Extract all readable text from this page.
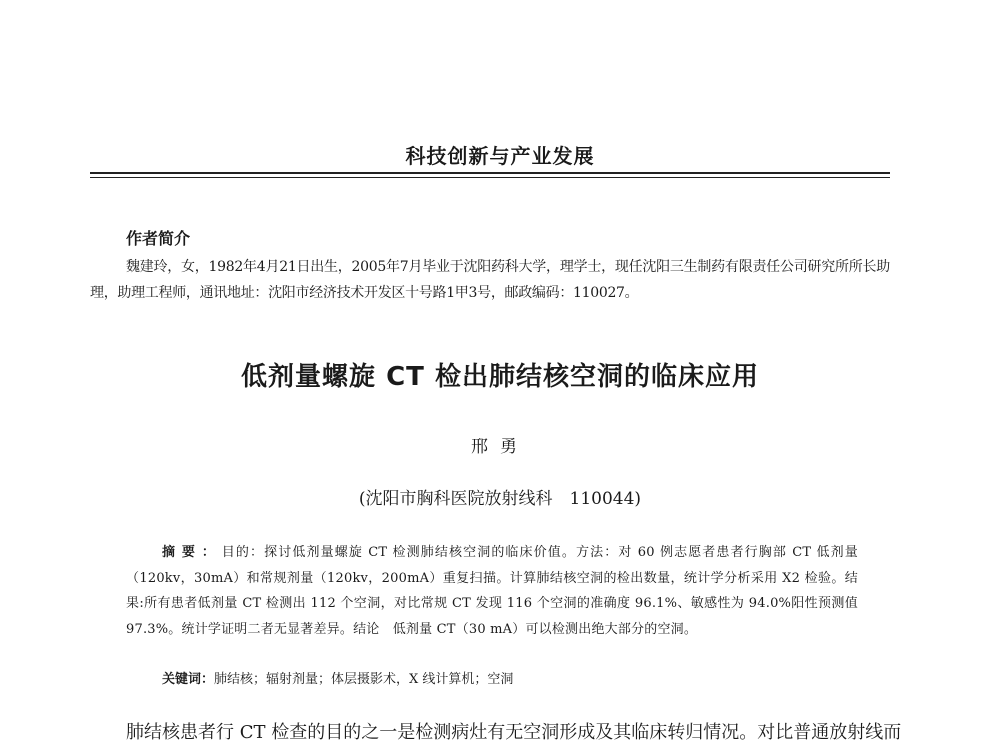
科技创新与产业发展
作者简介
魏建玲，女，1982年4月21日出生，2005年7月毕业于沈阳药科大学，理学士，现任沈阳三生制药有限责任公司研究所所长助理，助理工程师，通讯地址：沈阳市经济技术开发区十号路1甲3号，邮政编码：110027。
低剂量螺旋 CT 检出肺结核空洞的临床应用
邢勇
(沈阳市胸科医院放射线科　110044)
摘要：目的：探讨低剂量螺旋 CT 检测肺结核空洞的临床价值。方法：对 60 例志愿者患者行胸部 CT 低剂量（120kv，30mA）和常规剂量（120kv，200mA）重复扫描。计算肺结核空洞的检出数量，统计学分析采用 X2 检验。结果:所有患者低剂量 CT 检测出 112 个空洞，对比常规 CT 发现 116 个空洞的准确度 96.1%、敏感性为 94.0%阳性预测值 97.3%。统计学证明二者无显著差异。结论　低剂量 CT（30 mA）可以检测出绝大部分的空洞。
关键词：肺结核；辐射剂量；体层摄影术，X 线计算机；空洞
肺结核患者行 CT 检查的目的之一是检测病灶有无空洞形成及其临床转归情况。对比普通放射线而
